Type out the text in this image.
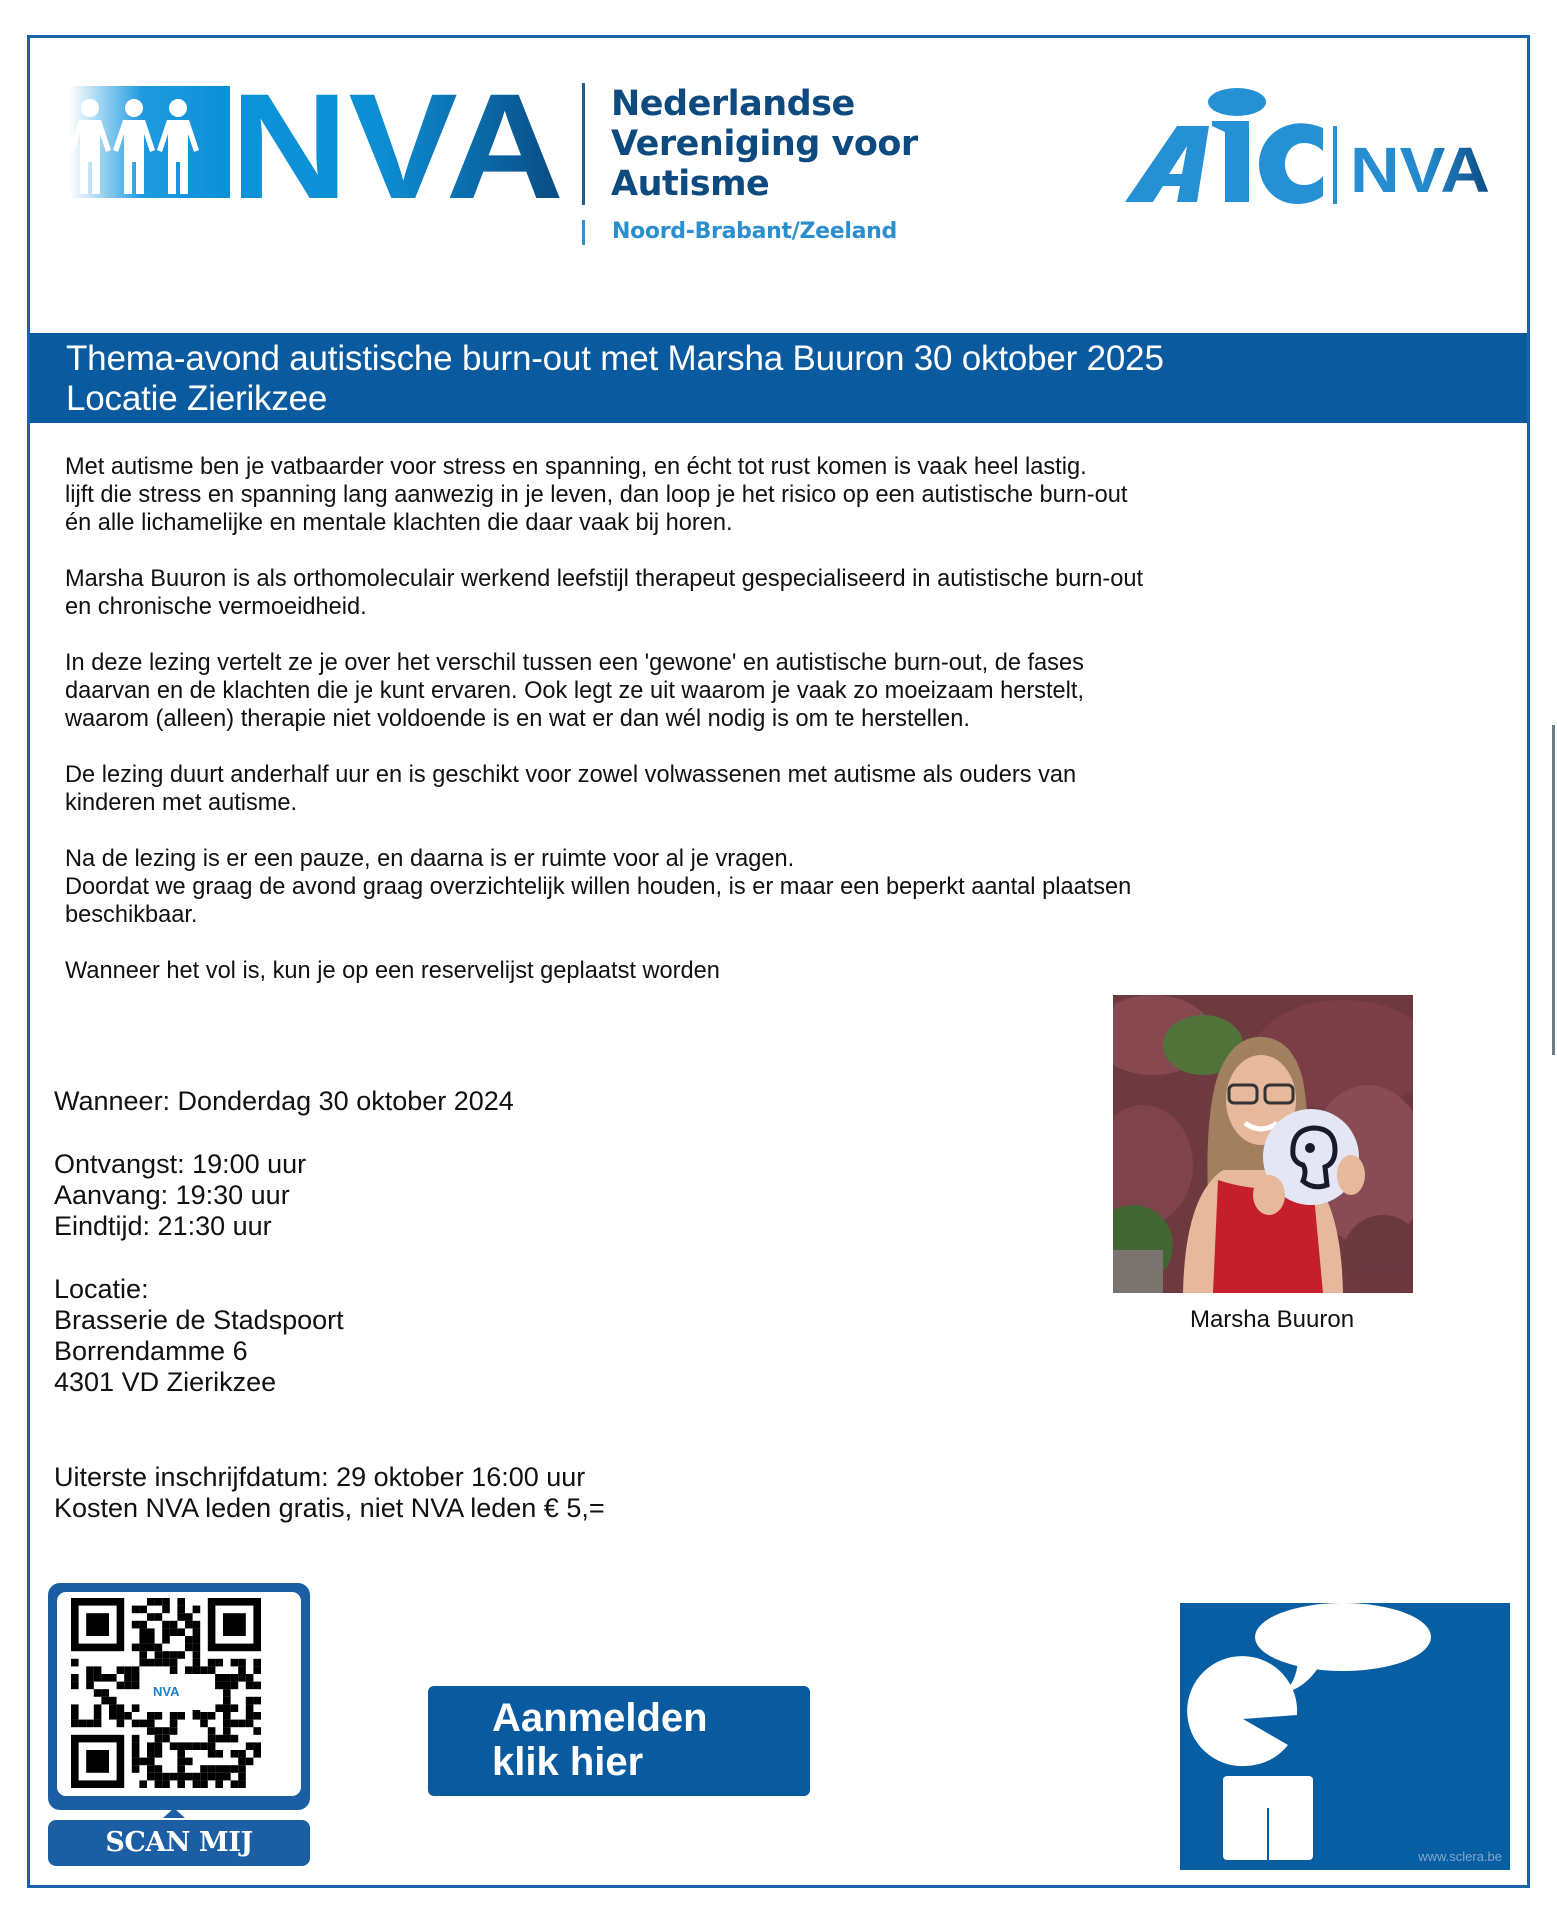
NVA Nederlandse
Vereniging voor
Autisme
Noord-Brabant/Zeeland
NVA
Thema-avond autistische burn-out met Marsha Buuron 30 oktober 2025
Locatie Zierikzee

Met autisme ben je vatbaarder voor stress en spanning, en écht tot rust komen is vaak heel lastig.
lijft die stress en spanning lang aanwezig in je leven, dan loop je het risico op een autistische burn-out
én alle lichamelijke en mentale klachten die daar vaak bij horen.

Marsha Buuron is als orthomoleculair werkend leefstijl therapeut gespecialiseerd in autistische burn-out
en chronische vermoeidheid.

In deze lezing vertelt ze je over het verschil tussen een 'gewone' en autistische burn-out, de fases
daarvan en de klachten die je kunt ervaren. Ook legt ze uit waarom je vaak zo moeizaam herstelt,
waarom (alleen) therapie niet voldoende is en wat er dan wél nodig is om te herstellen.

De lezing duurt anderhalf uur en is geschikt voor zowel volwassenen met autisme als ouders van
kinderen met autisme.

Na de lezing is er een pauze, en daarna is er ruimte voor al je vragen.
Doordat we graag de avond graag overzichtelijk willen houden, is er maar een beperkt aantal plaatsen
beschikbaar.

Wanneer het vol is, kun je op een reservelijst geplaatst worden

Wanneer: Donderdag 30 oktober 2024
Ontvangst: 19:00 uur
Aanvang: 19:30 uur
Eindtijd: 21:30 uur
Locatie:
Brasserie de Stadspoort
Borrendamme 6
4301 VD Zierikzee
Uiterste inschrijfdatum: 29 oktober 16:00 uur
Kosten NVA leden gratis, niet NVA leden € 5,=
Marsha Buuron
NVA
SCAN MIJ
Aanmelden
klik hier
www.sclera.be
